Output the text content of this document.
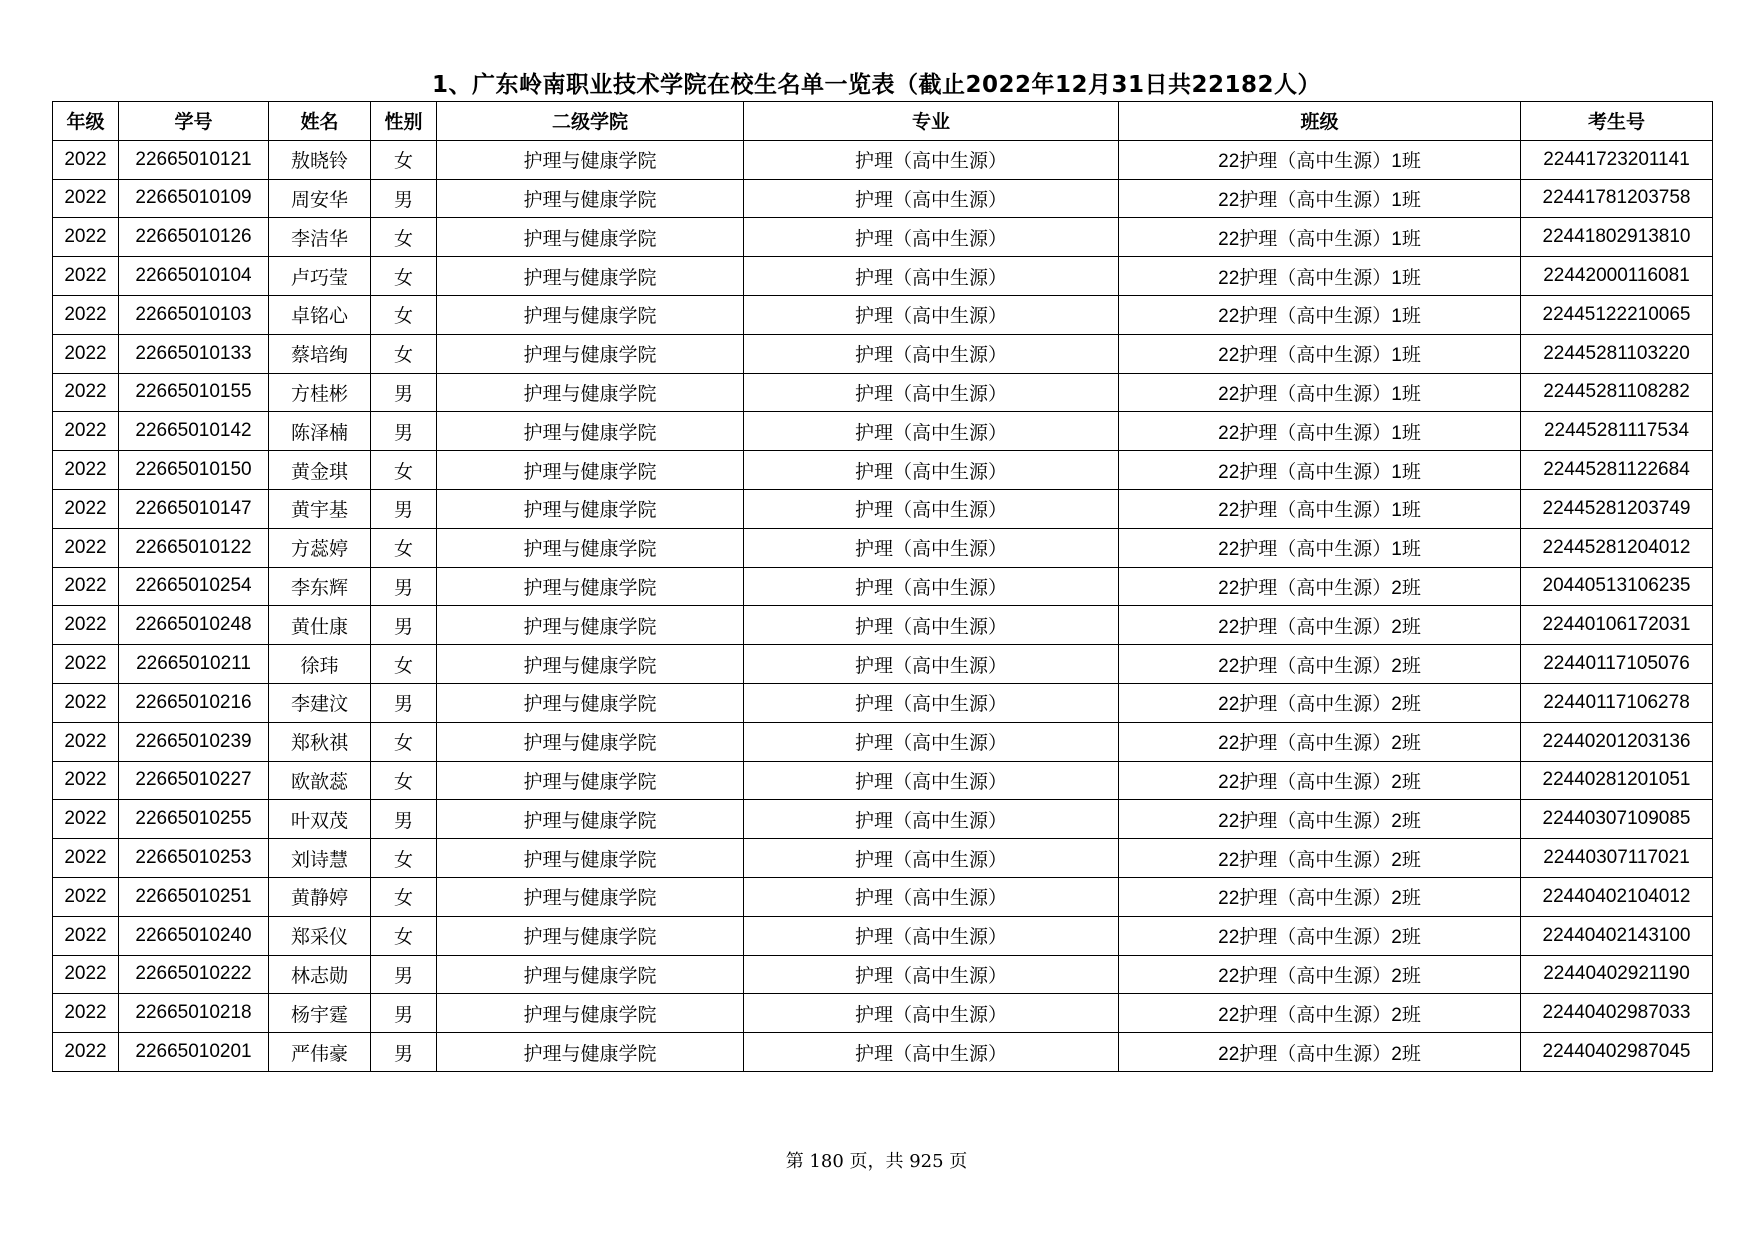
1、广东岭南职业技术学院在校生名单一览表（截止2022年12月31日共22182人）
年级	学号	姓名	性别	二级学院	专业	班级	考生号
2022	22665010121	敖晓铃	女	护理与健康学院	护理（高中生源）	22护理（高中生源）1班	22441723201141
2022	22665010109	周安华	男	护理与健康学院	护理（高中生源）	22护理（高中生源）1班	22441781203758
2022	22665010126	李洁华	女	护理与健康学院	护理（高中生源）	22护理（高中生源）1班	22441802913810
2022	22665010104	卢巧莹	女	护理与健康学院	护理（高中生源）	22护理（高中生源）1班	22442000116081
2022	22665010103	卓铭心	女	护理与健康学院	护理（高中生源）	22护理（高中生源）1班	22445122210065
2022	22665010133	蔡培绚	女	护理与健康学院	护理（高中生源）	22护理（高中生源）1班	22445281103220
2022	22665010155	方桂彬	男	护理与健康学院	护理（高中生源）	22护理（高中生源）1班	22445281108282
2022	22665010142	陈泽楠	男	护理与健康学院	护理（高中生源）	22护理（高中生源）1班	22445281117534
2022	22665010150	黄金琪	女	护理与健康学院	护理（高中生源）	22护理（高中生源）1班	22445281122684
2022	22665010147	黄宇基	男	护理与健康学院	护理（高中生源）	22护理（高中生源）1班	22445281203749
2022	22665010122	方蕊婷	女	护理与健康学院	护理（高中生源）	22护理（高中生源）1班	22445281204012
2022	22665010254	李东辉	男	护理与健康学院	护理（高中生源）	22护理（高中生源）2班	20440513106235
2022	22665010248	黄仕康	男	护理与健康学院	护理（高中生源）	22护理（高中生源）2班	22440106172031
2022	22665010211	徐玮	女	护理与健康学院	护理（高中生源）	22护理（高中生源）2班	22440117105076
2022	22665010216	李建汶	男	护理与健康学院	护理（高中生源）	22护理（高中生源）2班	22440117106278
2022	22665010239	郑秋祺	女	护理与健康学院	护理（高中生源）	22护理（高中生源）2班	22440201203136
2022	22665010227	欧歆蕊	女	护理与健康学院	护理（高中生源）	22护理（高中生源）2班	22440281201051
2022	22665010255	叶双茂	男	护理与健康学院	护理（高中生源）	22护理（高中生源）2班	22440307109085
2022	22665010253	刘诗慧	女	护理与健康学院	护理（高中生源）	22护理（高中生源）2班	22440307117021
2022	22665010251	黄静婷	女	护理与健康学院	护理（高中生源）	22护理（高中生源）2班	22440402104012
2022	22665010240	郑采仪	女	护理与健康学院	护理（高中生源）	22护理（高中生源）2班	22440402143100
2022	22665010222	林志勋	男	护理与健康学院	护理（高中生源）	22护理（高中生源）2班	22440402921190
2022	22665010218	杨宇霆	男	护理与健康学院	护理（高中生源）	22护理（高中生源）2班	22440402987033
2022	22665010201	严伟豪	男	护理与健康学院	护理（高中生源）	22护理（高中生源）2班	22440402987045
第 180 页，共 925 页
